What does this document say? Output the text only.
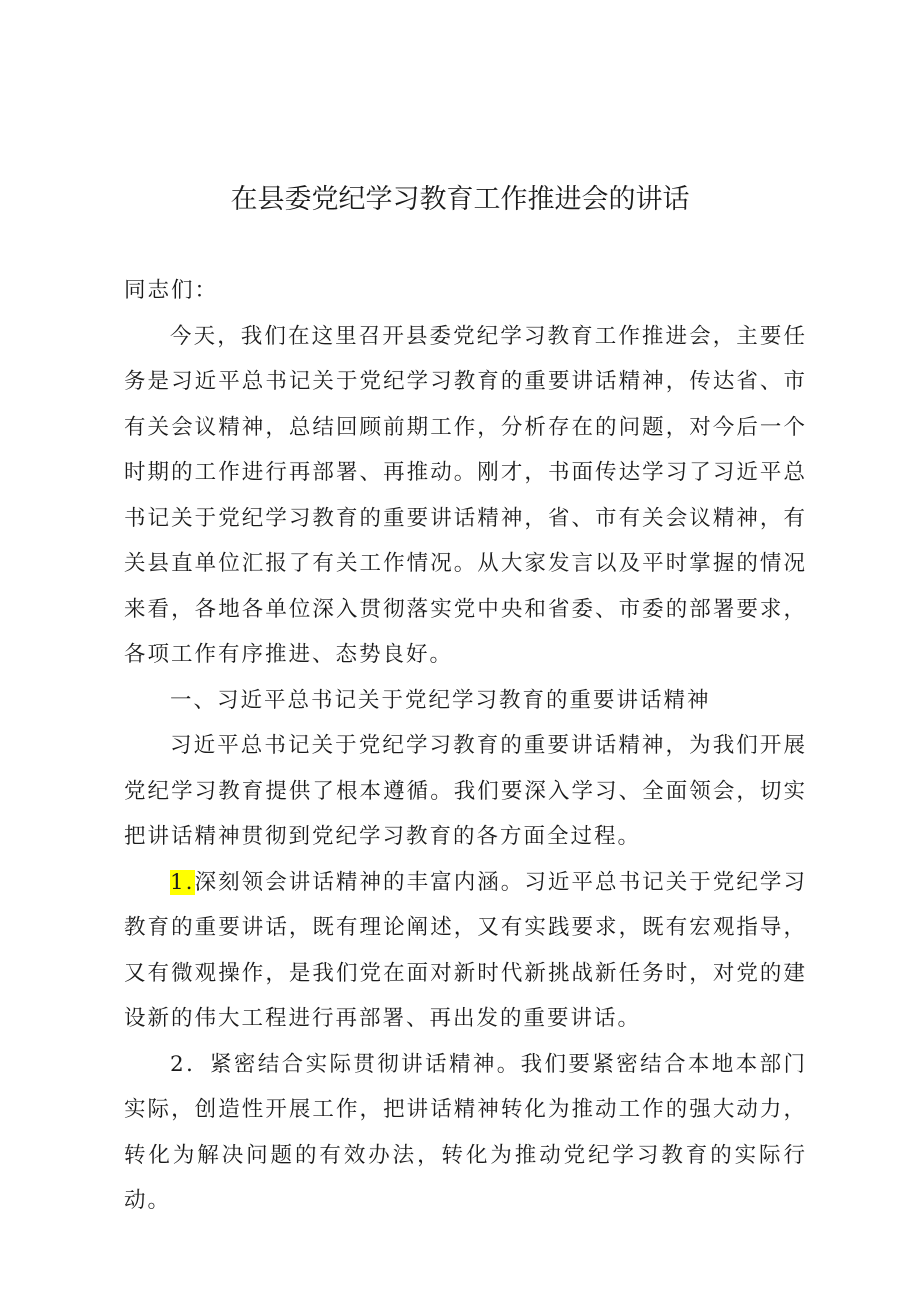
在县委党纪学习教育工作推进会的讲话

同志们：

今天，我们在这里召开县委党纪学习教育工作推进会，主要任务是习近平总书记关于党纪学习教育的重要讲话精神，传达省、市有关会议精神，总结回顾前期工作，分析存在的问题，对今后一个时期的工作进行再部署、再推动。刚才，书面传达学习了习近平总书记关于党纪学习教育的重要讲话精神，省、市有关会议精神，有关县直单位汇报了有关工作情况。从大家发言以及平时掌握的情况来看，各地各单位深入贯彻落实党中央和省委、市委的部署要求，各项工作有序推进、态势良好。

一、习近平总书记关于党纪学习教育的重要讲话精神

习近平总书记关于党纪学习教育的重要讲话精神，为我们开展党纪学习教育提供了根本遵循。我们要深入学习、全面领会，切实把讲话精神贯彻到党纪学习教育的各方面全过程。

1.深刻领会讲话精神的丰富内涵。习近平总书记关于党纪学习教育的重要讲话，既有理论阐述，又有实践要求，既有宏观指导，又有微观操作，是我们党在面对新时代新挑战新任务时，对党的建设新的伟大工程进行再部署、再出发的重要讲话。

2．紧密结合实际贯彻讲话精神。我们要紧密结合本地本部门实际，创造性开展工作，把讲话精神转化为推动工作的强大动力，转化为解决问题的有效办法，转化为推动党纪学习教育的实际行动。
